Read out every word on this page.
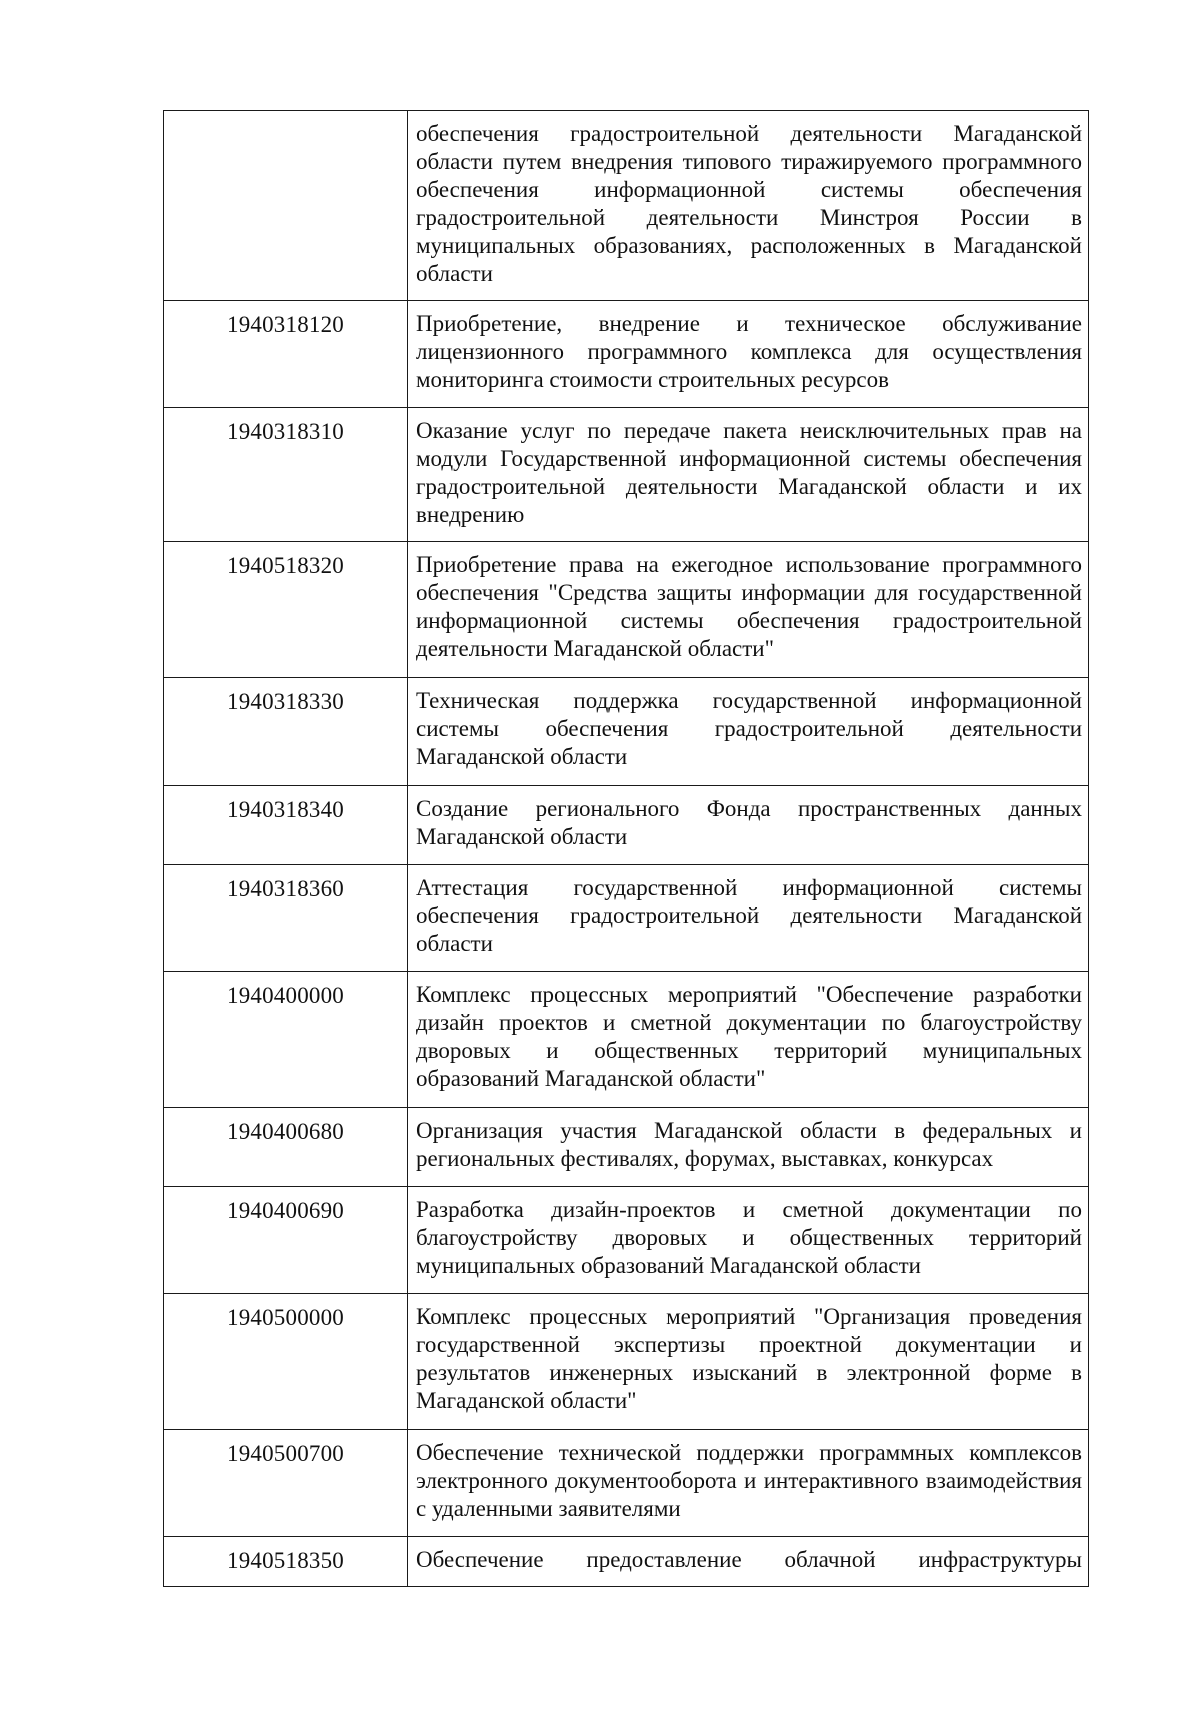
	обеспечения градостроительной деятельности Магаданской области путем внедрения типового тиражируемого программного обеспечения информационной системы обеспечения градостроительной деятельности Минстроя России в муниципальных образованиях, расположенных в Магаданской области
1940318120	Приобретение, внедрение и техническое обслуживание лицензионного программного комплекса для осуществления мониторинга стоимости строительных ресурсов
1940318310	Оказание услуг по передаче пакета неисключительных прав на модули Государственной информационной системы обеспечения градостроительной деятельности Магаданской области и их внедрению
1940518320	Приобретение права на ежегодное использование программного обеспечения "Средства защиты информации для государственной информационной системы обеспечения градостроительной деятельности Магаданской области"
1940318330	Техническая поддержка государственной информационной системы обеспечения градостроительной деятельности Магаданской области
1940318340	Создание регионального Фонда пространственных данных Магаданской области
1940318360	Аттестация государственной информационной системы обеспечения градостроительной деятельности Магаданской области
1940400000	Комплекс процессных мероприятий "Обеспечение разработки дизайн проектов и сметной документации по благоустройству дворовых и общественных территорий муниципальных образований Магаданской области"
1940400680	Организация участия Магаданской области в федеральных и региональных фестивалях, форумах, выставках, конкурсах
1940400690	Разработка дизайн-проектов и сметной документации по благоустройству дворовых и общественных территорий муниципальных образований Магаданской области
1940500000	Комплекс процессных мероприятий "Организация проведения государственной экспертизы проектной документации и результатов инженерных изысканий в электронной форме в Магаданской области"
1940500700	Обеспечение технической поддержки программных комплексов электронного документооборота и интерактивного взаимодействия с удаленными заявителями
1940518350	Обеспечение предоставление облачной инфраструктуры
